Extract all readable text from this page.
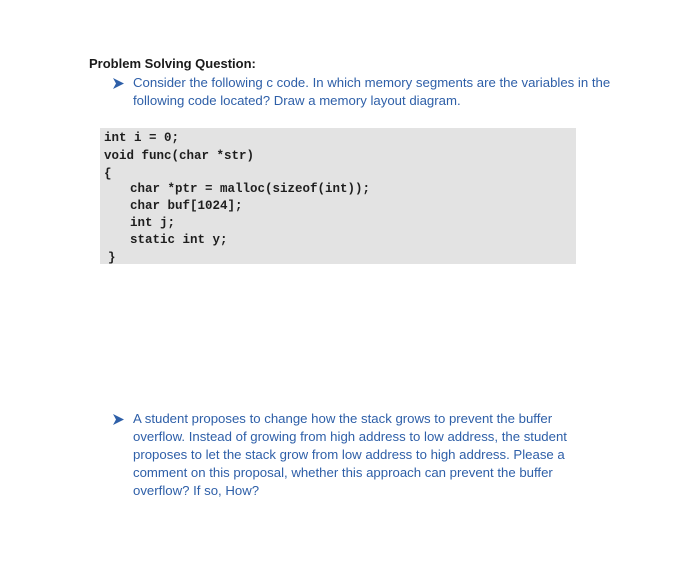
Problem Solving Question:
Consider the following c code. In which memory segments are the variables in the following code located? Draw a memory layout diagram.
int i = 0;
void func(char *str)
{
char *ptr = malloc(sizeof(int));
char buf[1024];
int j;
static int y;
}
A student proposes to change how the stack grows to prevent the buffer overflow. Instead of growing from high address to low address, the student proposes to let the stack grow from low address to high address. Please a comment on this proposal, whether this approach can prevent the buffer overflow? If so, How?
